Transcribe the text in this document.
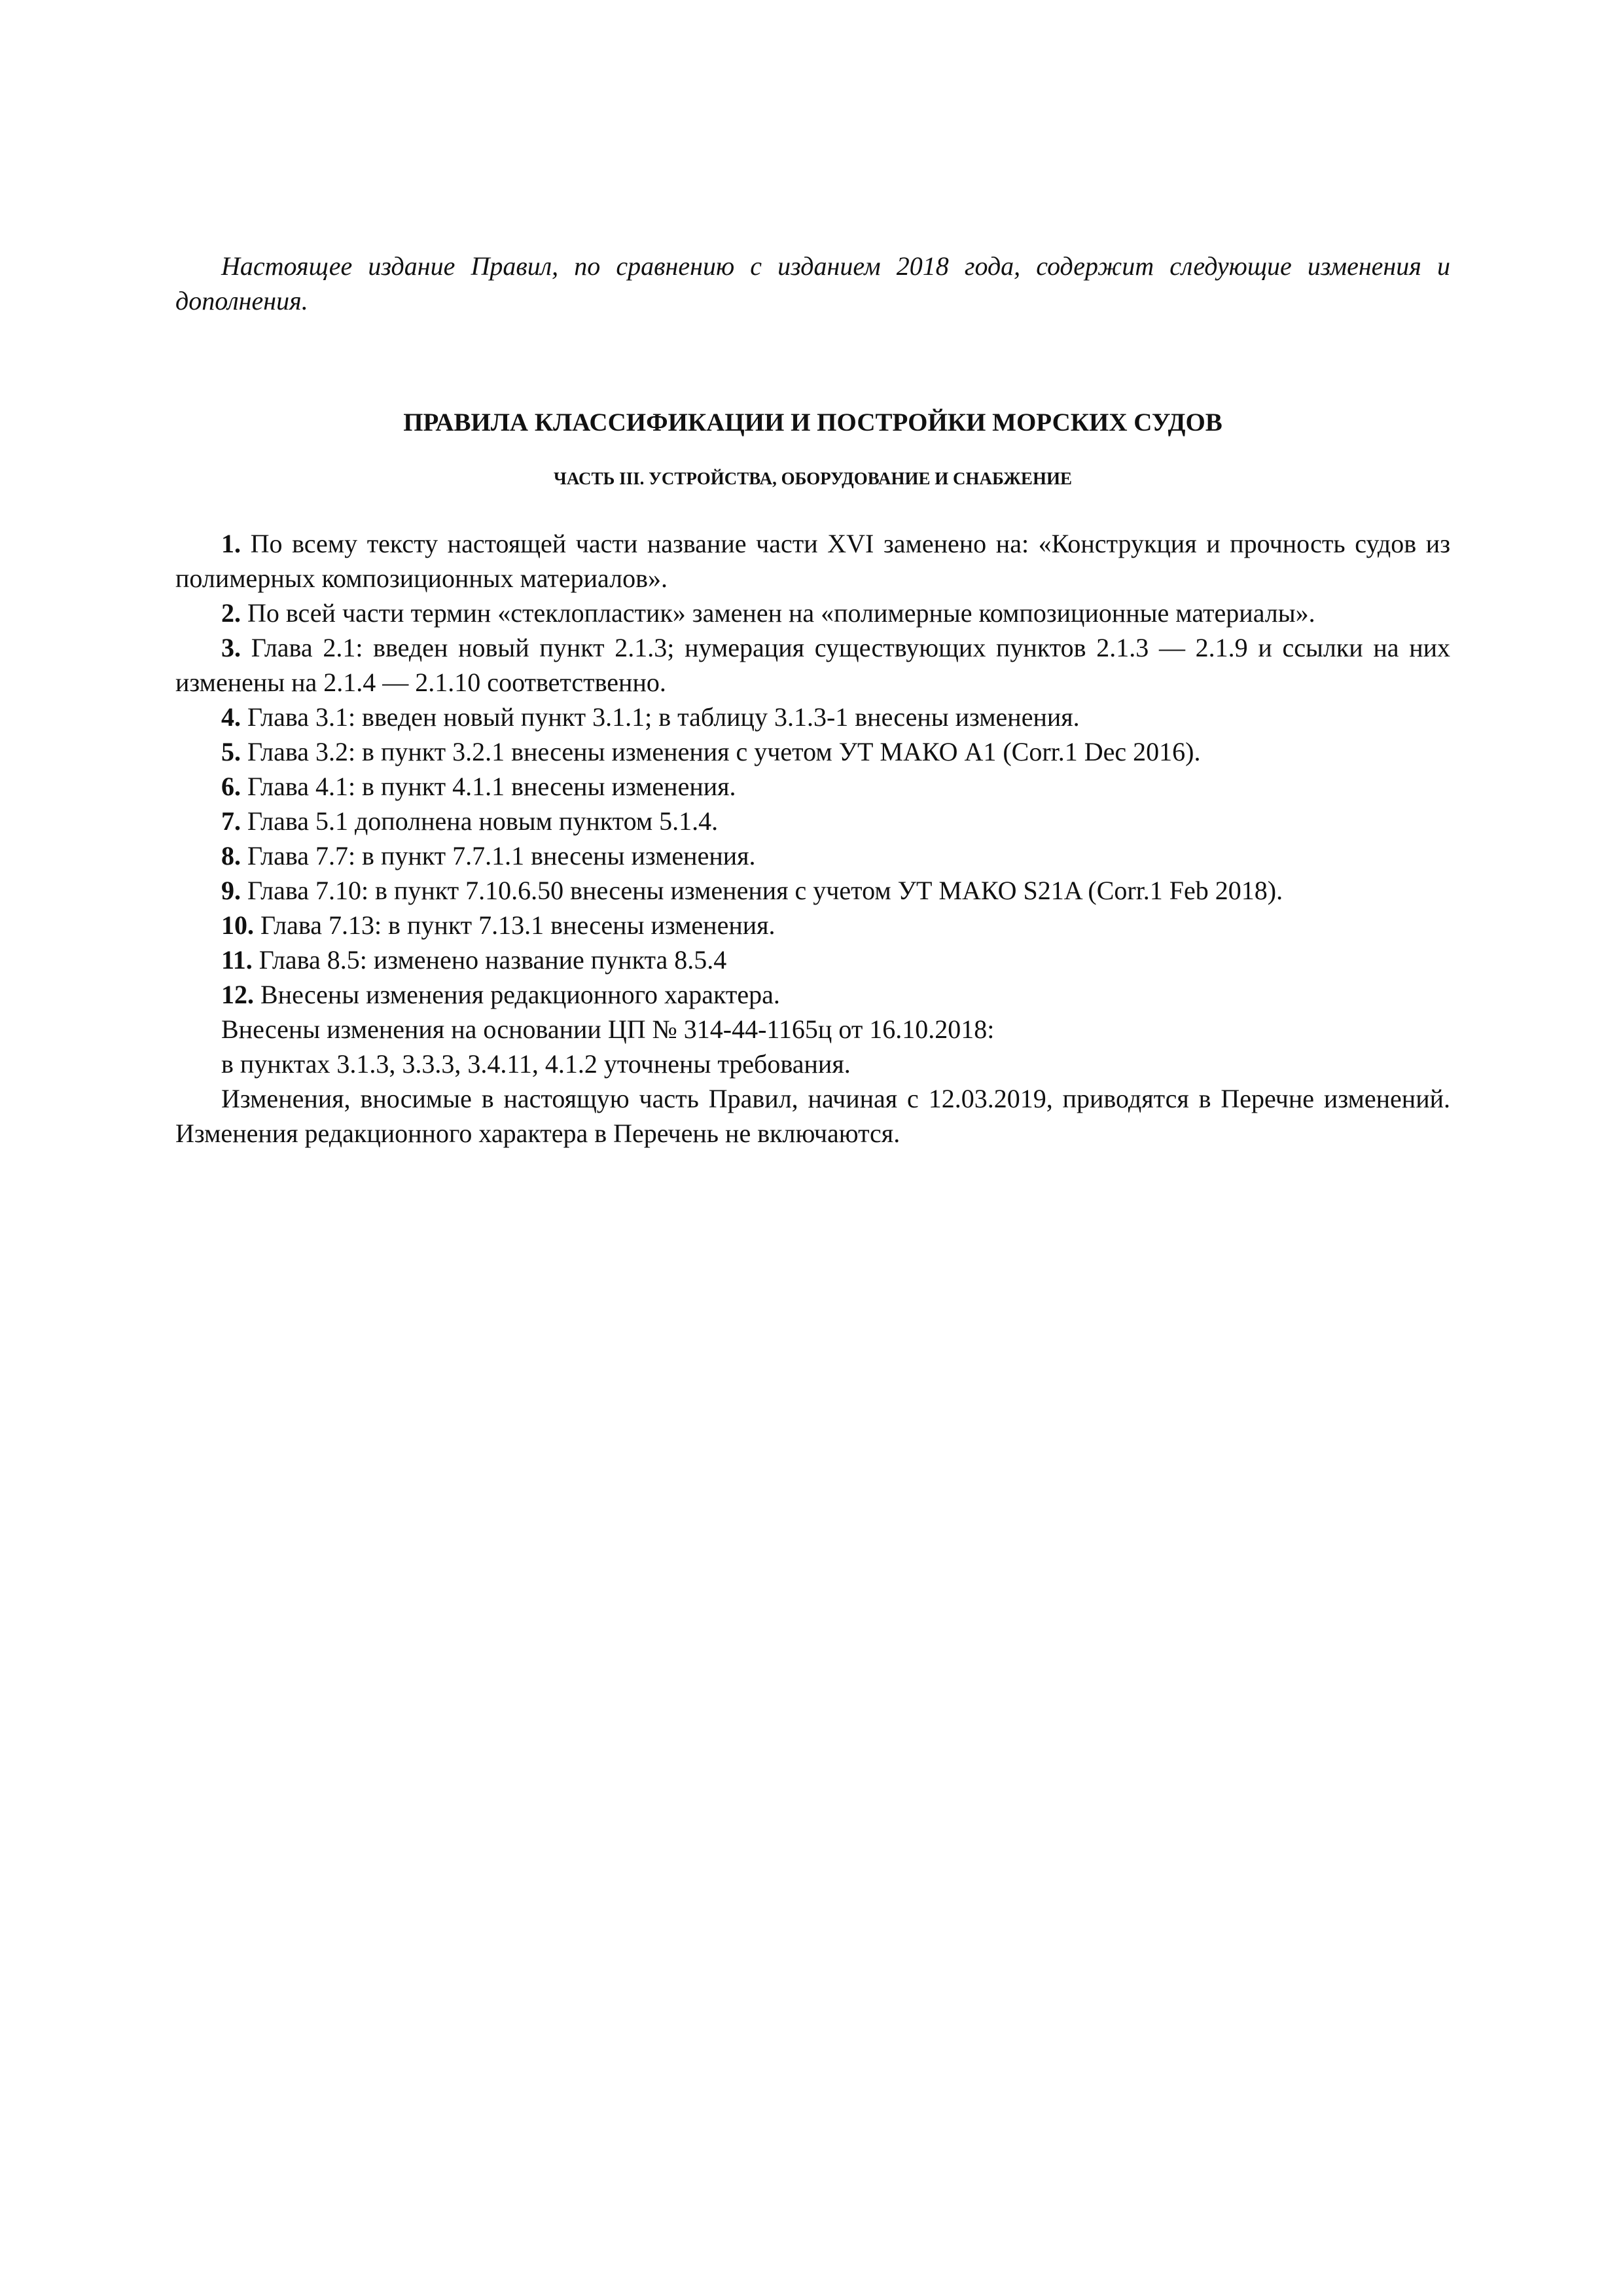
Настоящее издание Правил, по сравнению с изданием 2018 года, содержит следующие изменения и дополнения.

ПРАВИЛА КЛАССИФИКАЦИИ И ПОСТРОЙКИ МОРСКИХ СУДОВ
ЧАСТЬ III. УСТРОЙСТВА, ОБОРУДОВАНИЕ И СНАБЖЕНИЕ

1. По всему тексту настоящей части название части XVI заменено на: «Конструкция и прочность судов из полимерных композиционных материалов».

2. По всей части термин «стеклопластик» заменен на «полимерные композиционные материалы».

3. Глава 2.1: введен новый пункт 2.1.3; нумерация существующих пунктов 2.1.3 — 2.1.9 и ссылки на них изменены на 2.1.4 — 2.1.10 соответственно.

4. Глава 3.1: введен новый пункт 3.1.1; в таблицу 3.1.3-1 внесены изменения.

5. Глава 3.2: в пункт 3.2.1 внесены изменения с учетом УТ МАКО A1 (Corr.1 Dec 2016).

6. Глава 4.1: в пункт 4.1.1 внесены изменения.

7. Глава 5.1 дополнена новым пунктом 5.1.4.

8. Глава 7.7: в пункт 7.7.1.1 внесены изменения.

9. Глава 7.10: в пункт 7.10.6.50 внесены изменения с учетом УТ МАКО S21A (Corr.1 Feb 2018).

10. Глава 7.13: в пункт 7.13.1 внесены изменения.

11. Глава 8.5: изменено название пункта 8.5.4

12. Внесены изменения редакционного характера.

Внесены изменения на основании ЦП № 314-44-1165ц от 16.10.2018:

в пунктах 3.1.3, 3.3.3, 3.4.11, 4.1.2 уточнены требования.

Изменения, вносимые в настоящую часть Правил, начиная с 12.03.2019, приводятся в Перечне изменений. Изменения редакционного характера в Перечень не включаются.
